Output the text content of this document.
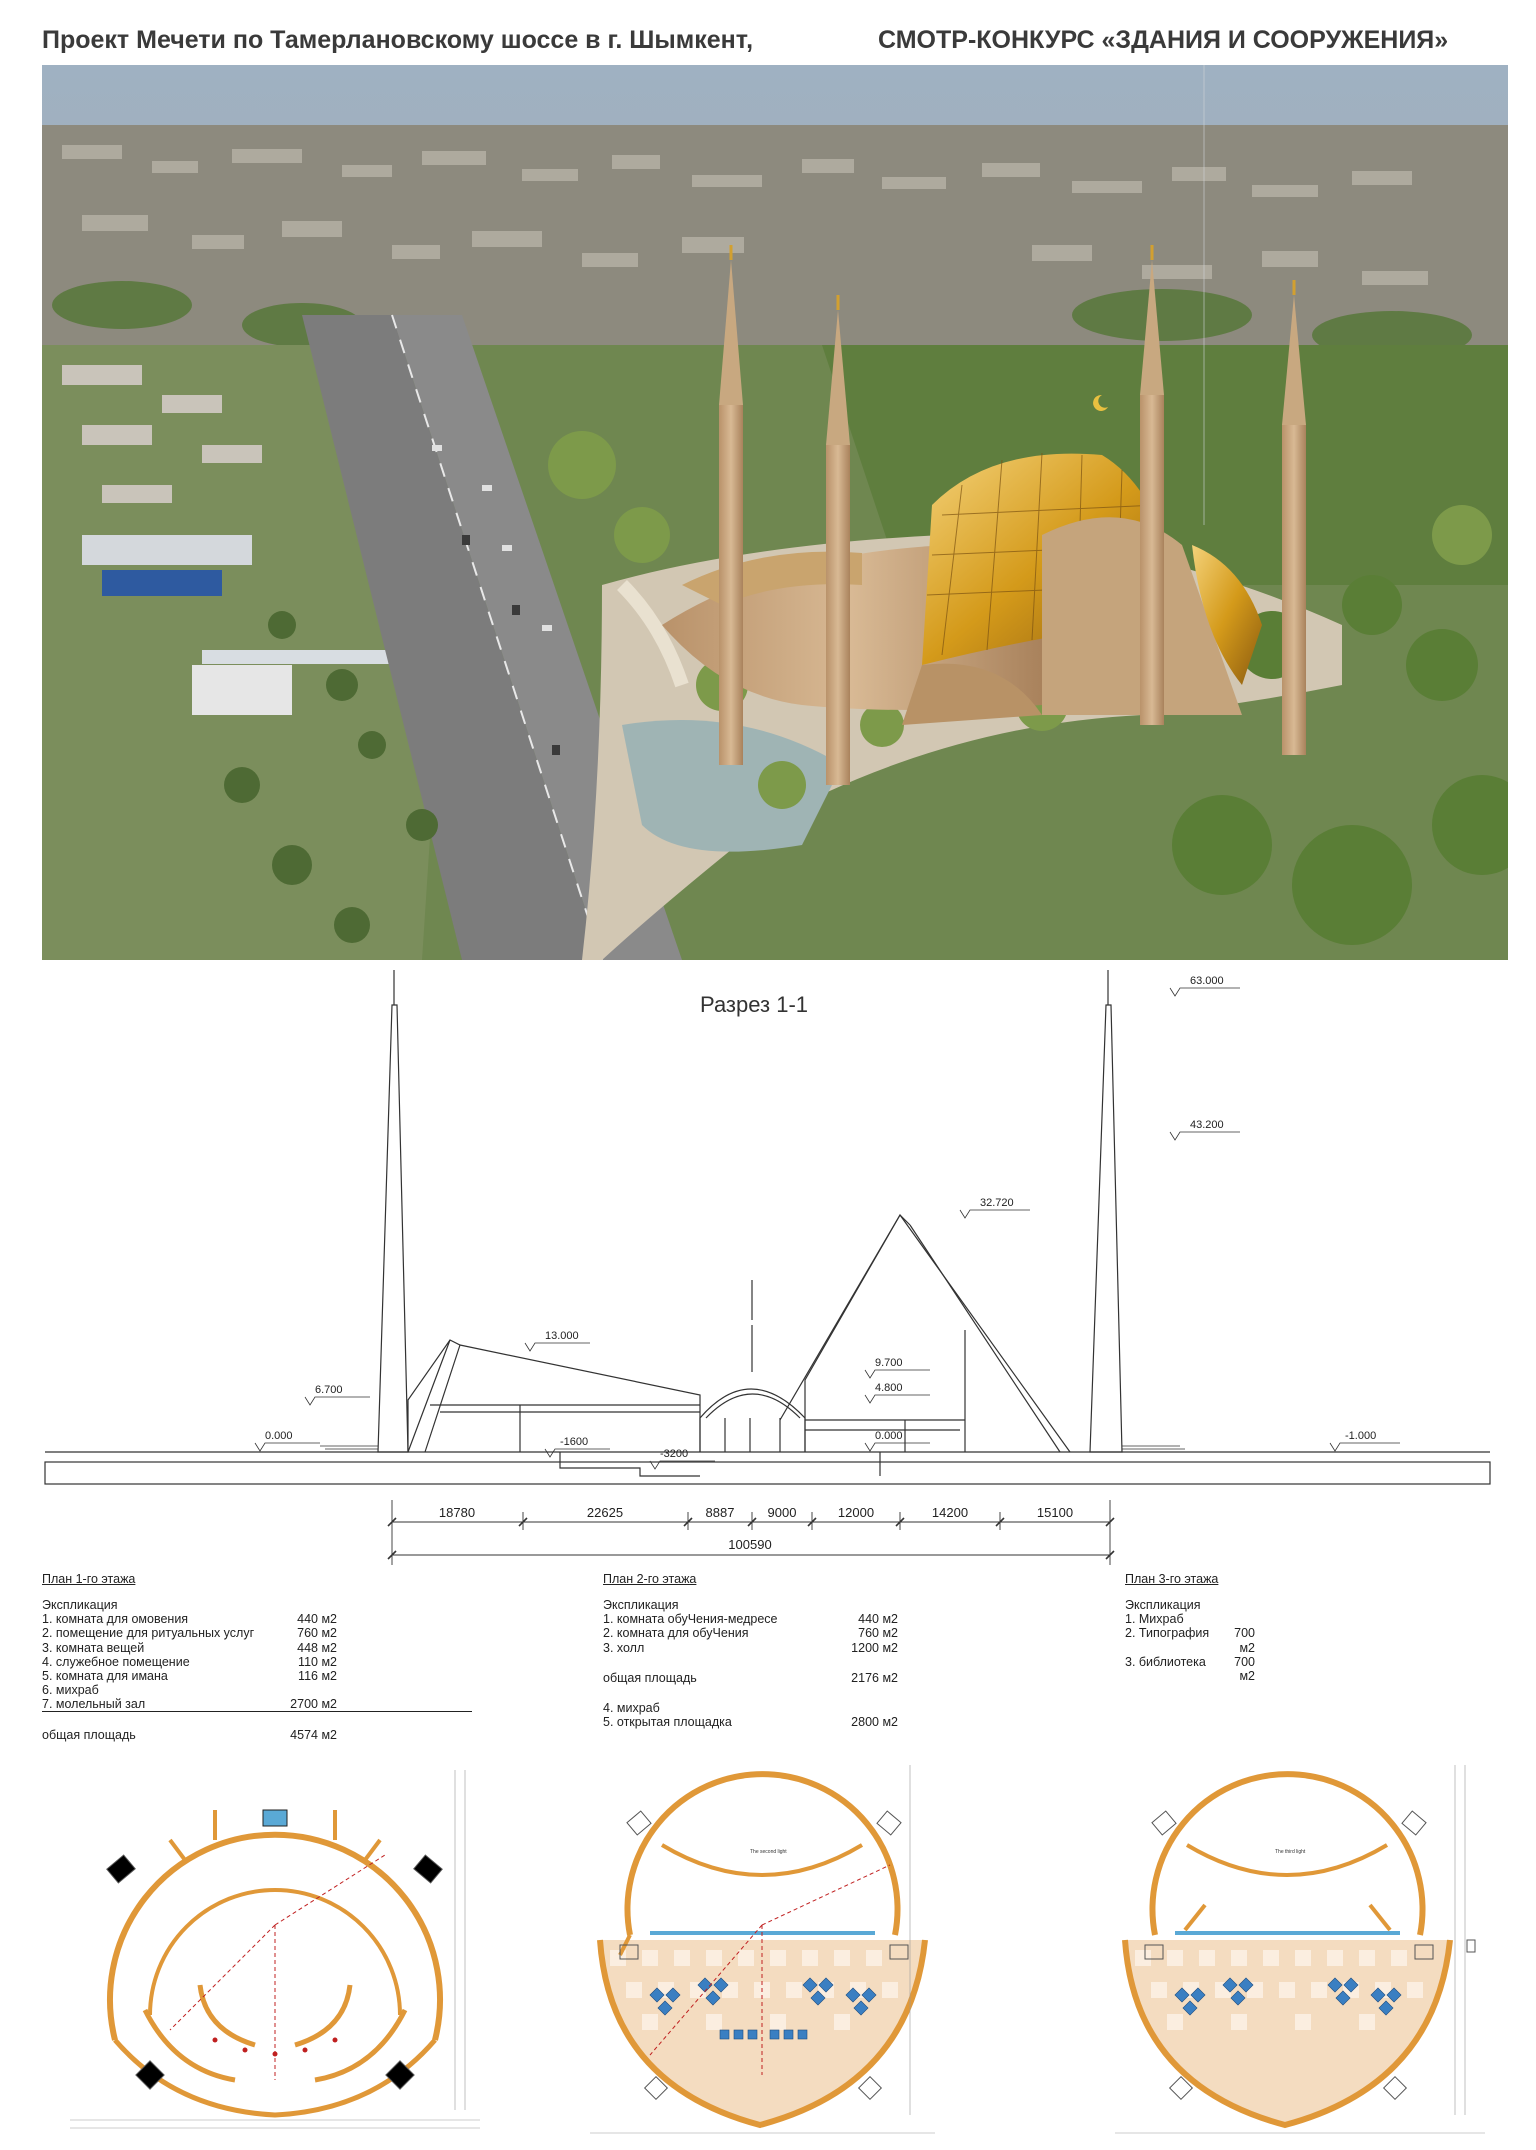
Проект Мечети по Тамерлановскому шоссе в г. Шымкент,	СМОТР-КОНКУРС «ЗДАНИЯ И СООРУЖЕНИЯ»
Разрез 1-1
63.000
43.200
32.720
13.000
9.700
6.700	4.800
0.000	0.000
-1600
-3200
-1.000
18780	22625	8887	9000	12000	14200	15100
100590
План 1-го этажа
Экспликация
1. комната для омовения	440 м2
2. помещение для ритуальных услуг	760 м2
3. комната вещей	448 м2
4. служебное помещение	110 м2
5. комната для имана	116 м2
6. михраб
7. молельный зал	2700 м2
общая площадь	4574 м2
План 2-го этажа
Экспликация
1. комната обуЧения-медресе	440 м2
2. комната для обуЧения	760 м2
3. холл	1200 м2
общая площадь	2176 м2
4. михраб
5. открытая площадка	2800 м2
План 3-го этажа
Экспликация
1. Михраб
2. Типография	700 м2
3. библиотека	700 м2
The second light	The third light
